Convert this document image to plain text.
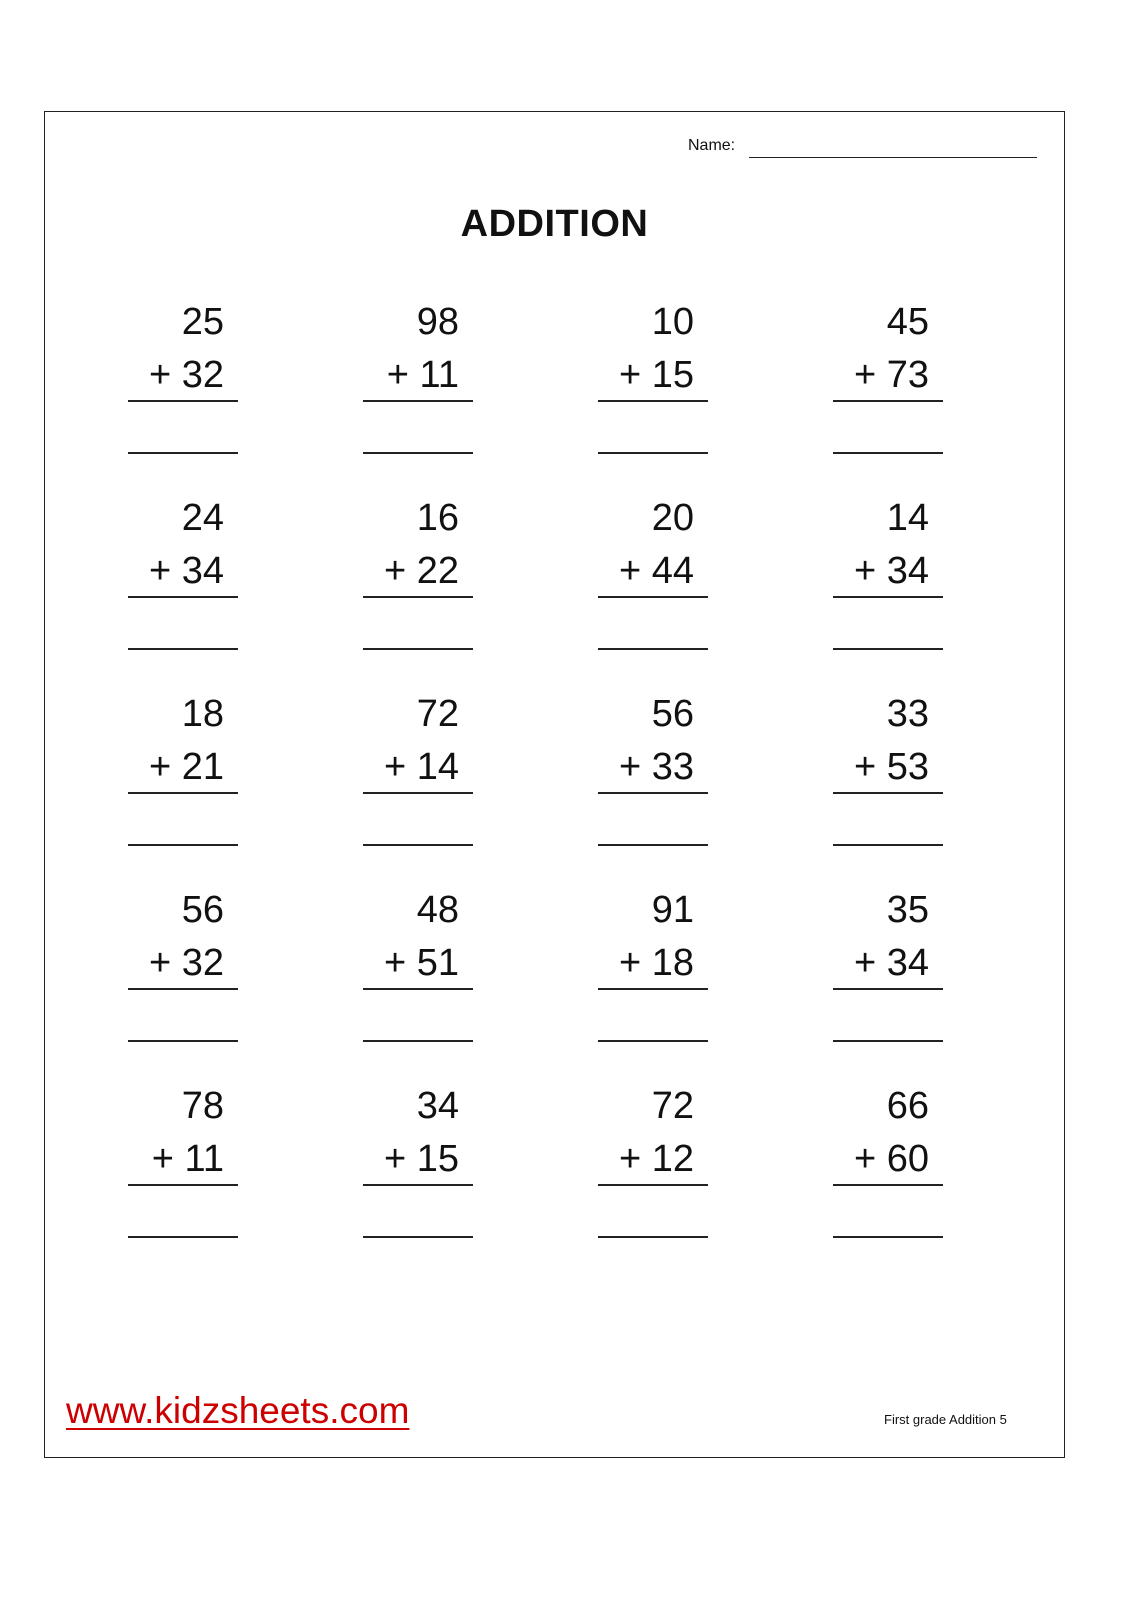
Name:
ADDITION
25
+ 32
98
+ 11
10
+ 15
45
+ 73
24
+ 34
16
+ 22
20
+ 44
14
+ 34
18
+ 21
72
+ 14
56
+ 33
33
+ 53
56
+ 32
48
+ 51
91
+ 18
35
+ 34
78
+ 11
34
+ 15
72
+ 12
66
+ 60
www.kidzsheets.com	First grade Addition 5
